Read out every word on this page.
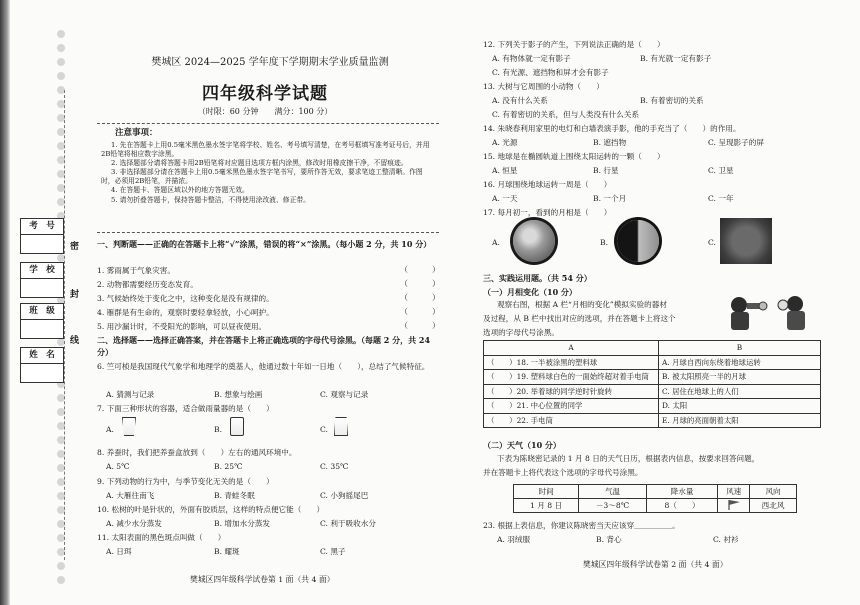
考　号
学　校
班　级
姓　名
密
封
线
樊城区 2024—2025 学年度下学期期末学业质量监测
四年级科学试题
（时限：60 分钟　　满分：100 分）
注意事项：

1. 先在答题卡上用0.5毫米黑色墨水签字笔将学校、姓名、考号填写清楚，在考号框填写准考证号后，并用2B铅笔将相应数字涂黑。

2. 选择题部分请将答题卡用2B铅笔将对应题目选项方框内涂黑，修改时用橡皮擦干净，不留痕迹。

3. 非选择题部分请在答题卡上用0.5毫米黑色墨水签字笔书写，要所作答无效，要求笔迹工整清晰。作图时，必须用2B铅笔，并描浓。

4. 在答题卡、答题区域以外的地方答题无效。

5. 请勿折叠答题卡，保持答题卡整洁，不得使用涂改液、修正带。

一、判断题——正确的在答题卡上将“√”涂黑，错误的将“×”涂黑。（每小题 2 分，共 10 分）
1. 雾雨属于气象灾害。	（　　　）
2. 动物都需要经历变态发育。	（　　　）
3. 气候始终处于变化之中，这种变化是没有规律的。	（　　　）
4. 雁群是有生命的，观察时要轻拿轻放，小心呵护。	（　　　）
5. 用沙漏计时，不受阳光的影响，可以昼夜使用。	（　　　）
二、选择题——选择正确答案，并在答题卡上将正确选项的字母代号涂黑。（每题 2 分，共 24 分）
6. 竺可桢是我国现代气象学和地理学的奠基人，他通过数十年如一日地（　　），总结了气候特征。
A. 猜测与记录	B. 想象与绘画	C. 观察与记录
7. 下面三种形状的容器，适合做雨量器的是（　　）
A.	B.	C.
8. 养蚕时，我们把养蚕盒放到（　　）左右的通风环境中。
A. 5℃	B. 25℃	C. 35℃
9. 下列动物的行为中，与季节变化无关的是（　　）
A. 大雁往南飞	B. 青蛙冬眠	C. 小狗摇尾巴
10. 松树的叶是针状的，外面有胶质层，这样的特点便它能（　　）
A. 减少水分蒸发	B. 增加水分蒸发	C. 利于吸收水分
11. 太阳表面的黑色斑点叫做（　　）
A. 日珥	B. 耀斑	C. 黑子
樊城区四年级科学试卷第 1 面（共 4 面）
12. 下列关于影子的产生，下列说法正确的是（　　）
A. 有物体就一定有影子	B. 有光就一定有影子
C. 有光源、遮挡物和屏才会有影子
13. 大树与它周围的小动物（　　）
A. 没有什么关系	B. 有着密切的关系
C. 有着密切的关系，但与人类没有什么关系
14. 朱晓春利用家里的电灯和白墙表演手影，他的手充当了（　　）的作用。
A. 光源	B. 遮挡物	C. 呈现影子的屏
15. 地球是在椭圆轨道上围绕太阳运转的一颗（　　）
A. 恒星	B. 行星	C. 卫星
16. 月球围绕地球运转一周是（　　）
A. 一天	B. 一个月	C. 一年
17. 每月初一，看到的月相是（　　）
A.	B.	C.
三、实践运用题。（共 54 分）
（一）月相变化（10 分）
观察右图，根据 A 栏“月相的变化”模拟实验的器材
及过程，从 B 栏中找出对应的选项，并在答题卡上将这个
选项的字母代号涂黑。
A	B
（　　）18. 一半被涂黑的塑料球	A. 月球自西向东绕着地球运转
（　　）19. 塑料球白色的一面始终超对着手电筒	B. 被太阳照亮一半的月球
（　　）20. 举着球的同学逆时针旋转	C. 居住在地球上的人们
（　　）21. 中心位置的同学	D. 太阳
（　　）22. 手电筒	E. 月球的亮面朝着太阳
（二）天气（10 分）
下表为陈晓密记录的 1 月 8 日的天气日历，根据表内信息，按要求回答问题，
并在答题卡上将代表这个选项的字母代号涂黑。
时间	气温	降水量	风速	风向
1 月 8 日	－3～8℃	8（　　）		西北风
23. 根据上表信息，你建议陈晓密当天应该穿＿＿＿＿＿。
A. 羽绒服	B. 背心	C. 衬衫
樊城区四年级科学试卷第 2 面（共 4 面）
